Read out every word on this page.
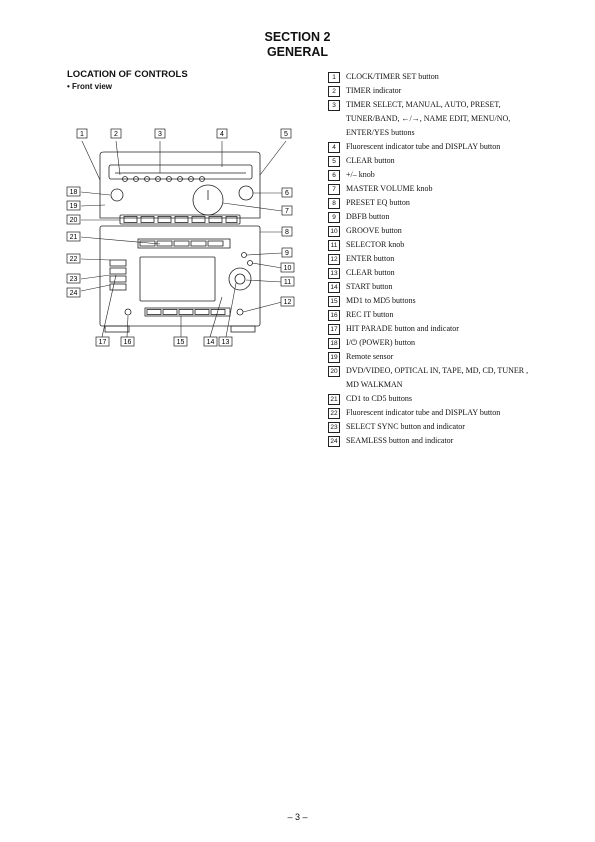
SECTION 2
GENERAL
LOCATION OF CONTROLS
• Front view
1	2	3	4	5
18
19
20
21
22
23
24
6
7
8
9
10
11
12
17 16	15	14 13
1	CLOCK/TIMER SET button
2	TIMER indicator
3	TIMER SELECT, MANUAL, AUTO, PRESET,
TUNER/BAND, ←/→, NAME EDIT, MENU/NO,
ENTER/YES buttons
4	Fluorescent indicator tube and DISPLAY button
5	CLEAR button
6	+/– knob
7	MASTER VOLUME knob
8	PRESET EQ button
9	DBFB button
10 GROOVE button
11	SELECTOR knob
12 ENTER button
13 CLEAR button
14 START button
15 MD1 to MD5 buttons
16 REC IT button
17 HIT PARADE button and indicator
18 I/⏻ (POWER) button
19 Remote sensor
20 DVD/VIDEO, OPTICAL IN, TAPE, MD, CD, TUNER ,
MD WALKMAN
21 CD1 to CD5 buttons
22 Fluorescent indicator tube and DISPLAY button
23 SELECT SYNC button and indicator
24 SEAMLESS button and indicator
– 3 –
